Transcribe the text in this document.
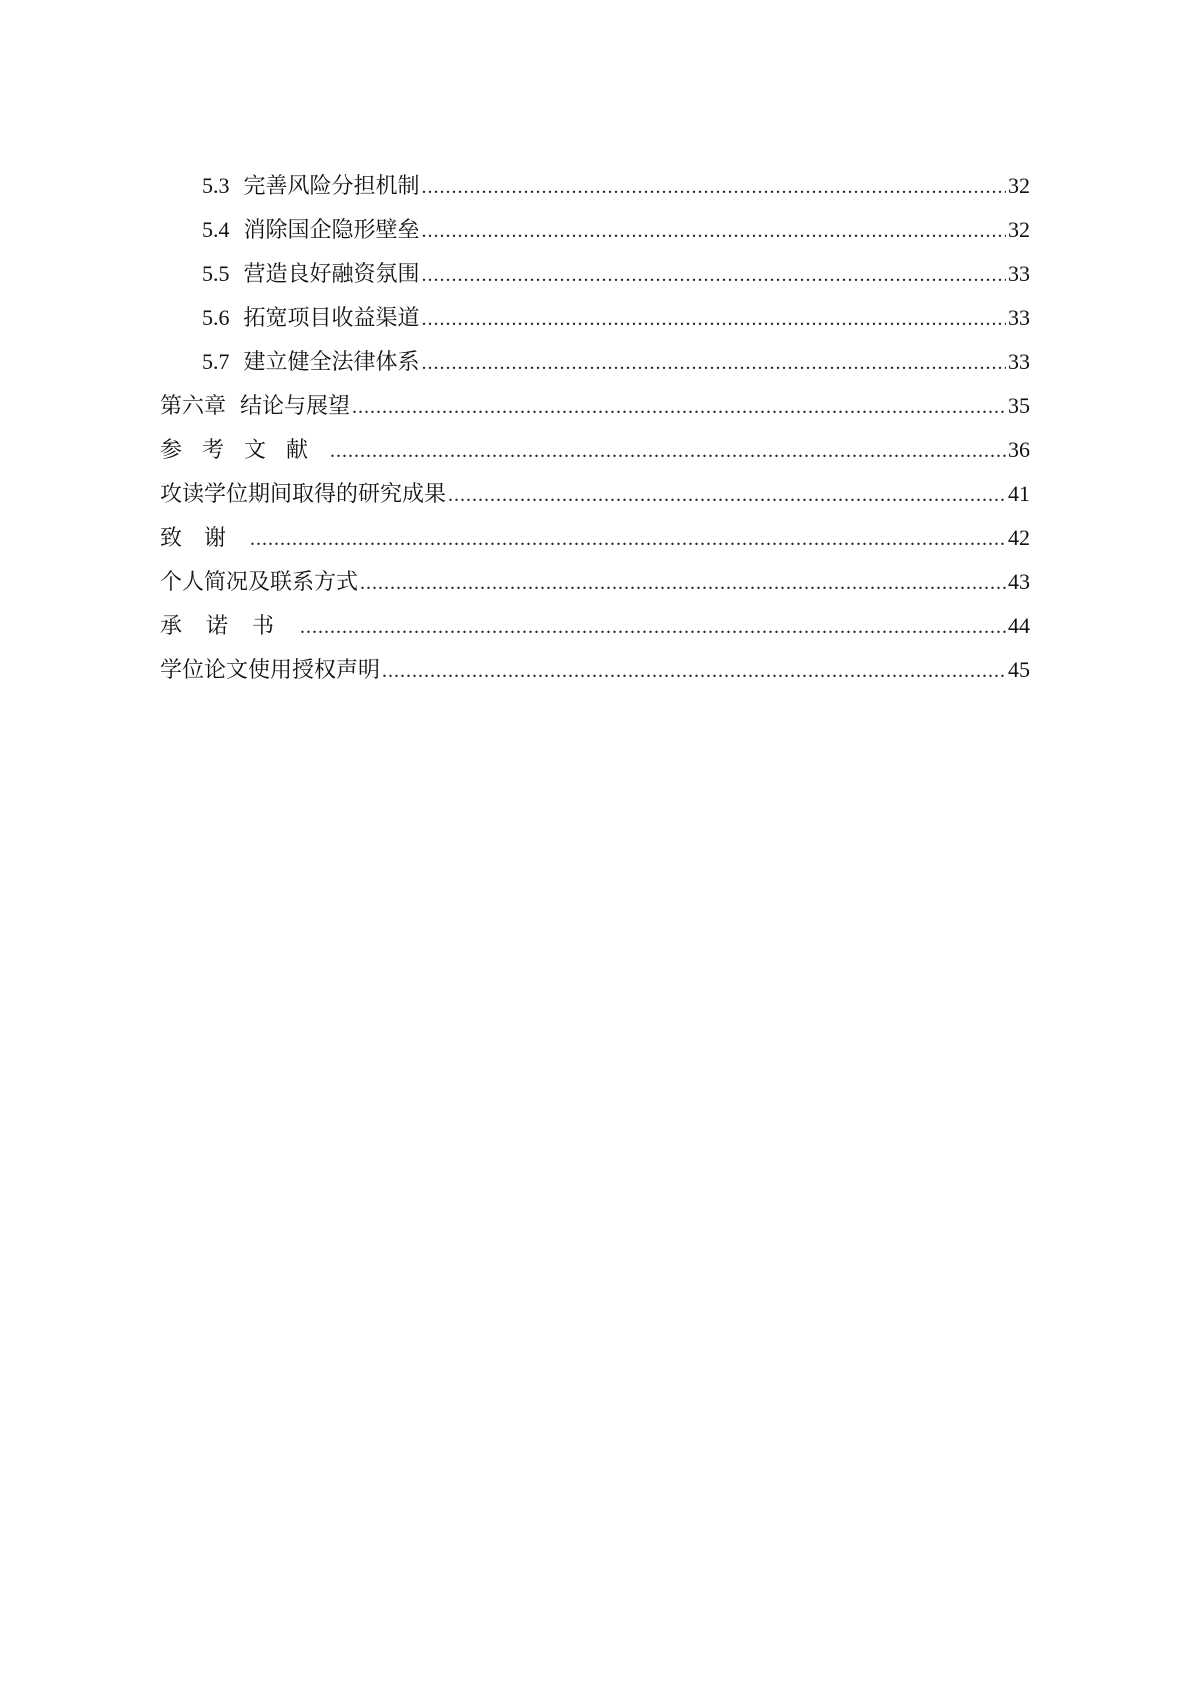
5.3 完善风险分担机制 .....	32
5.4 消除国企隐形壁垒 .....	32
5.5 营造良好融资氛围 .....	33
5.6 拓宽项目收益渠道 .....	33
5.7 建立健全法律体系 .....	33
第六章  结论与展望 .....	35
参考文献 .....	36
攻读学位期间取得的研究成果 .....	41
致谢 .....	42
个人简况及联系方式 .....	43
承诺书 .....	44
学位论文使用授权声明 .....	45
